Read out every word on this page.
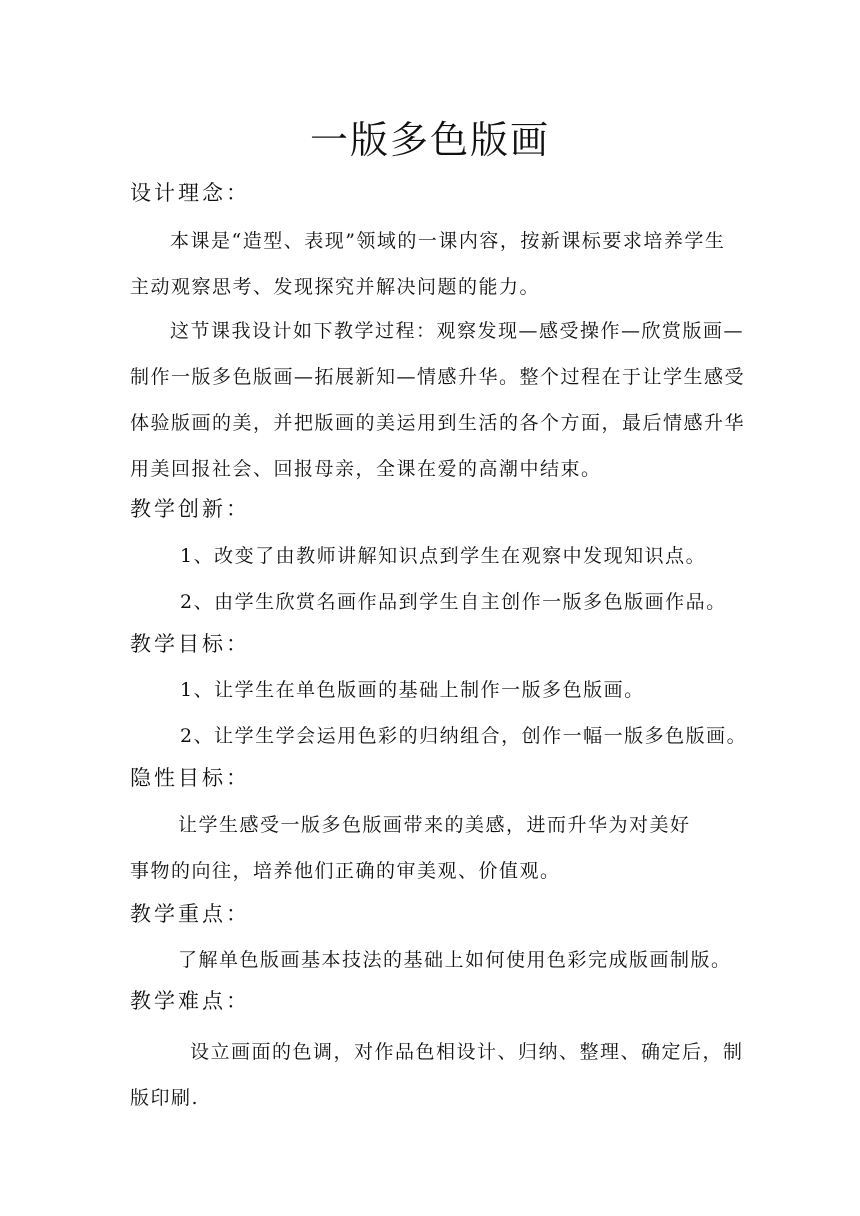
一版多色版画
设计理念：
本课是“造型、表现”领域的一课内容，按新课标要求培养学生
主动观察思考、发现探究并解决问题的能力。
这节课我设计如下教学过程：观察发现—感受操作—欣赏版画—
制作一版多色版画—拓展新知—情感升华。整个过程在于让学生感受
体验版画的美，并把版画的美运用到生活的各个方面，最后情感升华
用美回报社会、回报母亲，全课在爱的高潮中结束。
教学创新：
1、改变了由教师讲解知识点到学生在观察中发现知识点。
2、由学生欣赏名画作品到学生自主创作一版多色版画作品。
教学目标：
1、让学生在单色版画的基础上制作一版多色版画。
2、让学生学会运用色彩的归纳组合，创作一幅一版多色版画。
隐性目标：
让学生感受一版多色版画带来的美感，进而升华为对美好
事物的向往，培养他们正确的审美观、价值观。
教学重点：
了解单色版画基本技法的基础上如何使用色彩完成版画制版。
教学难点：
设立画面的色调，对作品色相设计、归纳、整理、确定后，制
版印刷.
